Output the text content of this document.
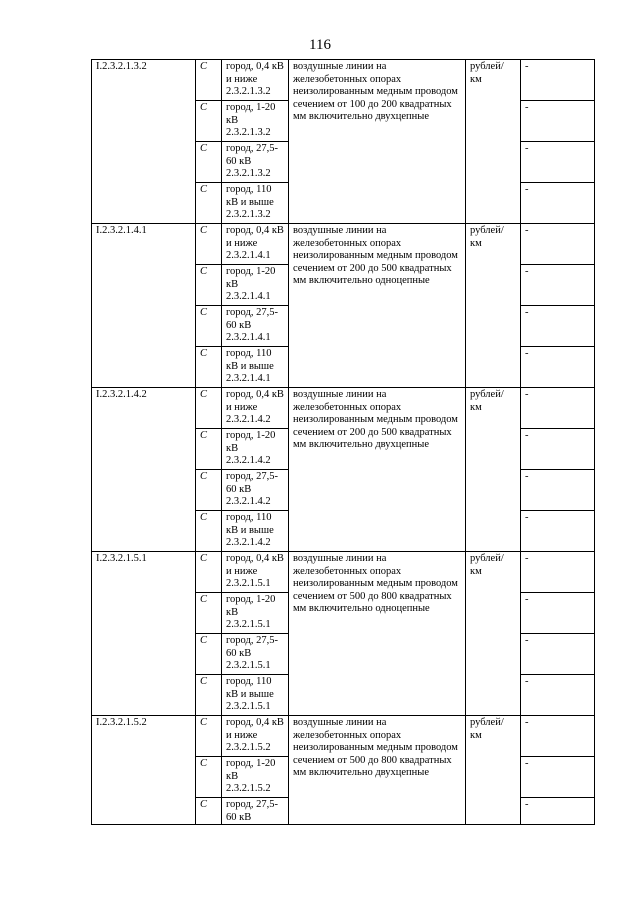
116
I.2.3.2.1.3.2	C	город, 0,4 кВ и ниже 2.3.2.1.3.2	воздушные линии на железобетонных опорах неизолированным медным проводом сечением от 100 до 200 квадратных мм включительно двухцепные	рублей/ км	-
	C	город, 1-20 кВ 2.3.2.1.3.2			-
	C	город, 27,5-60 кВ 2.3.2.1.3.2			-
	C	город, 110 кВ и выше 2.3.2.1.3.2			-
I.2.3.2.1.4.1	C	город, 0,4 кВ и ниже 2.3.2.1.4.1	воздушные линии на железобетонных опорах неизолированным медным проводом сечением от 200 до 500 квадратных мм включительно одноцепные	рублей/ км	-
	C	город, 1-20 кВ 2.3.2.1.4.1			-
	C	город, 27,5-60 кВ 2.3.2.1.4.1			-
	C	город, 110 кВ и выше 2.3.2.1.4.1			-
I.2.3.2.1.4.2	C	город, 0,4 кВ и ниже 2.3.2.1.4.2	воздушные линии на железобетонных опорах неизолированным медным проводом сечением от 200 до 500 квадратных мм включительно двухцепные	рублей/ км	-
	C	город, 1-20 кВ 2.3.2.1.4.2			-
	C	город, 27,5-60 кВ 2.3.2.1.4.2			-
	C	город, 110 кВ и выше 2.3.2.1.4.2			-
I.2.3.2.1.5.1	C	город, 0,4 кВ и ниже 2.3.2.1.5.1	воздушные линии на железобетонных опорах неизолированным медным проводом сечением от 500 до 800 квадратных мм включительно одноцепные	рублей/ км	-
	C	город, 1-20 кВ 2.3.2.1.5.1			-
	C	город, 27,5-60 кВ 2.3.2.1.5.1			-
	C	город, 110 кВ и выше 2.3.2.1.5.1			-
I.2.3.2.1.5.2	C	город, 0,4 кВ и ниже 2.3.2.1.5.2	воздушные линии на железобетонных опорах неизолированным медным проводом сечением от 500 до 800 квадратных мм включительно двухцепные	рублей/ км	-
	C	город, 1-20 кВ 2.3.2.1.5.2			-
	C	город, 27,5-60 кВ			-
